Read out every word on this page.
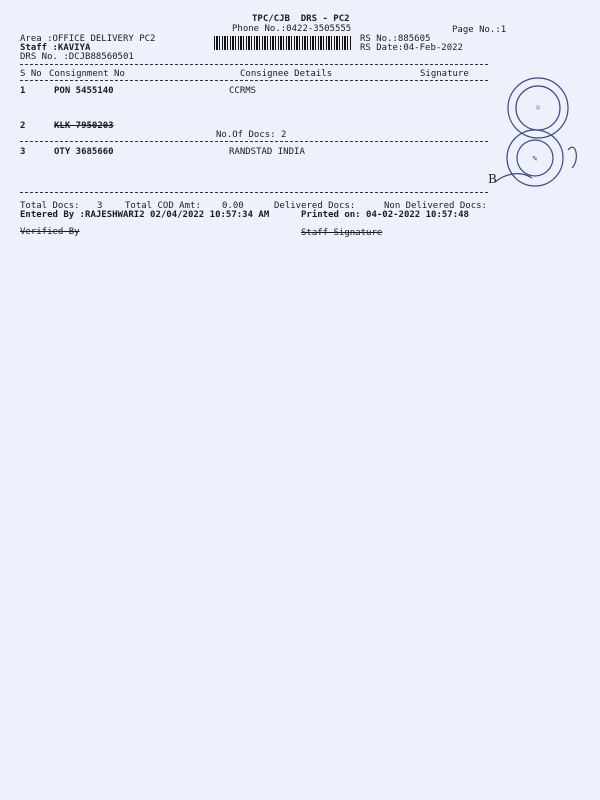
TPC/CJB  DRS - PC2
Phone No.:0422-3505555	Page No.:1
Area :OFFICE DELIVERY PC2
Staff :KAVIYA
DRS No. :DCJB88560501
RS No.:885605
RS Date:04-Feb-2022
S No Consignment No	Consignee Details	Signature
1	PON 5455140	CCRMS
2	KLK 7950203
No.Of Docs: 2
3	OTY 3685660	RANDSTAD INDIA
Total Docs: 3	Total COD Amt: 0.00	Delivered Docs:	Non Delivered Docs:
Entered By :RAJESHWARI2 02/04/2022 10:57:34 AM	Printed on: 04-02-2022 10:57:48
Verified By	Staff Signature
☼
✎
B
